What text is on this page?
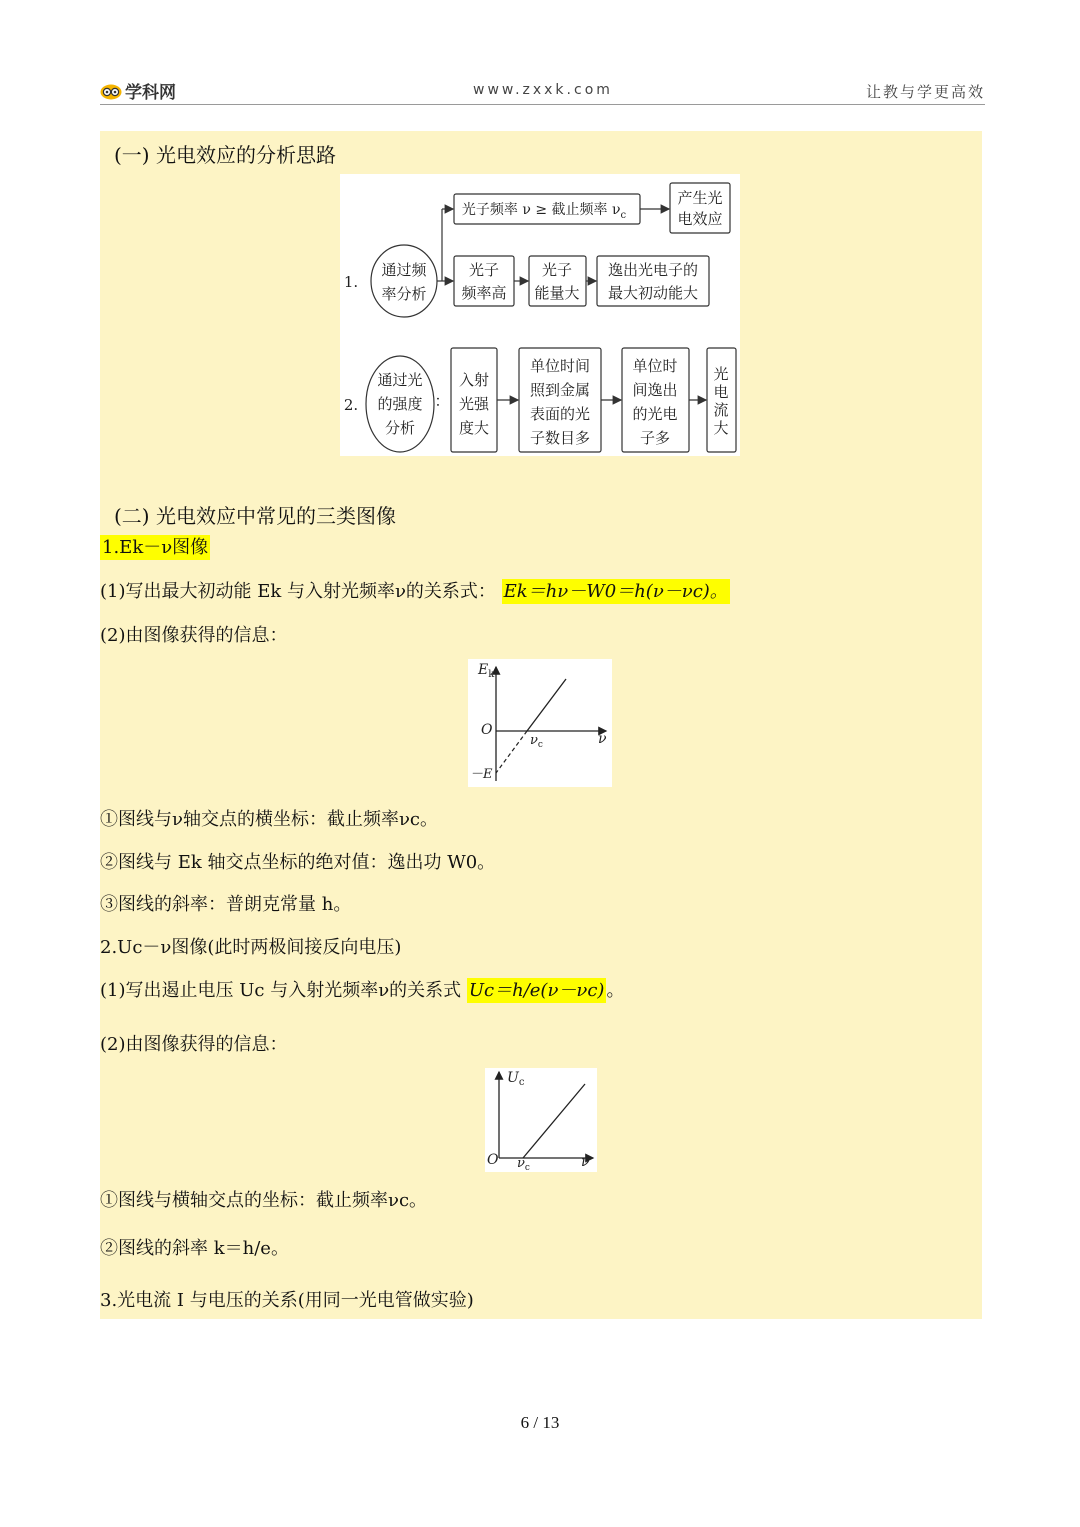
学科网	www.zxxk.com	让教与学更高效
(一) 光电效应的分析思路
1.
通过频
率分析
光子频率 ν ≥ 截止频率 $\nu_c$
产生光
电效应
光子
频率高
光子
能量大
逸出光电子的
最大初动能大
2.
通过光
的强度
分析
：
入射
光强
度大
单位时间
照到金属
表面的光
子数目多
单位时
间逸出
的光电
子多
光
电
流
大
(二) 光电效应中常见的三类图像
1.Ek－ν图像
(1)写出最大初动能 Ek 与入射光频率ν的关系式： Ek＝hν－W0＝h(ν－νc)。
(2)由图像获得的信息：
$E_k$
O
ν
$\nu_c$
－E
①图线与ν轴交点的横坐标：截止频率νc。
②图线与 Ek 轴交点坐标的绝对值：逸出功 W0。
③图线的斜率：普朗克常量 h。
2.Uc－ν图像(此时两极间接反向电压)
(1)写出遏止电压 Uc 与入射光频率ν的关系式 Uc＝h/e(ν－νc) 。
(2)由图像获得的信息：
$U_c$
O $\nu_c$	ν
①图线与横轴交点的坐标：截止频率νc。
②图线的斜率 k＝h/e。
3.光电流 I 与电压的关系(用同一光电管做实验)
6 / 13
